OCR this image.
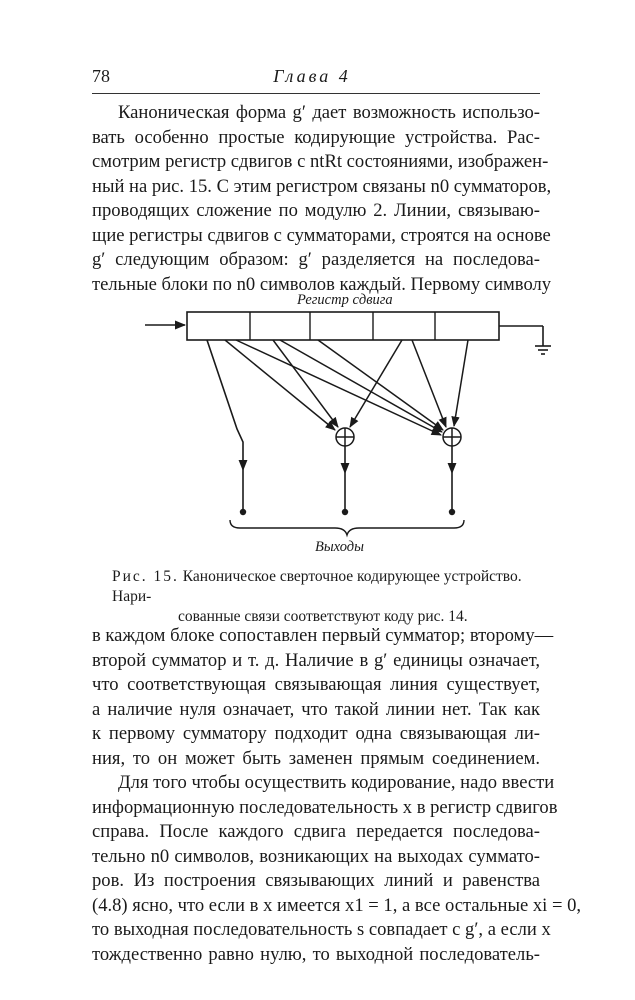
78	Глава 4
Каноническая форма g′ дает возможность использо-
вать особенно простые кодирующие устройства. Рас-
смотрим регистр сдвигов с ntRt состояниями, изображен-
ный на рис. 15. С этим регистром связаны n0 сумматоров,
проводящих сложение по модулю 2. Линии, связываю-
щие регистры сдвигов с сумматорами, строятся на основе
g′ следующим образом: g′ разделяется на последова-
тельные блоки по n0 символов каждый. Первому символу
Регистр сдвига
Выходы
Рис. 15. Каноническое сверточное кодирующее устройство. Нари-
сованные связи соответствуют коду рис. 14.
в каждом блоке сопоставлен первый сумматор; второму—
второй сумматор и т. д. Наличие в g′ единицы означает,
что соответствующая связывающая линия существует,
а наличие нуля означает, что такой линии нет. Так как
к первому сумматору подходит одна связывающая ли-
ния, то он может быть заменен прямым соединением.
Для того чтобы осуществить кодирование, надо ввести
информационную последовательность x в регистр сдвигов
справа. После каждого сдвига передается последова-
тельно n0 символов, возникающих на выходах суммато-
ров. Из построения связывающих линий и равенства
(4.8) ясно, что если в x имеется x1 = 1, а все остальные xi = 0,
то выходная последовательность s совпадает с g′, а если x
тождественно равно нулю, то выходной последователь-
